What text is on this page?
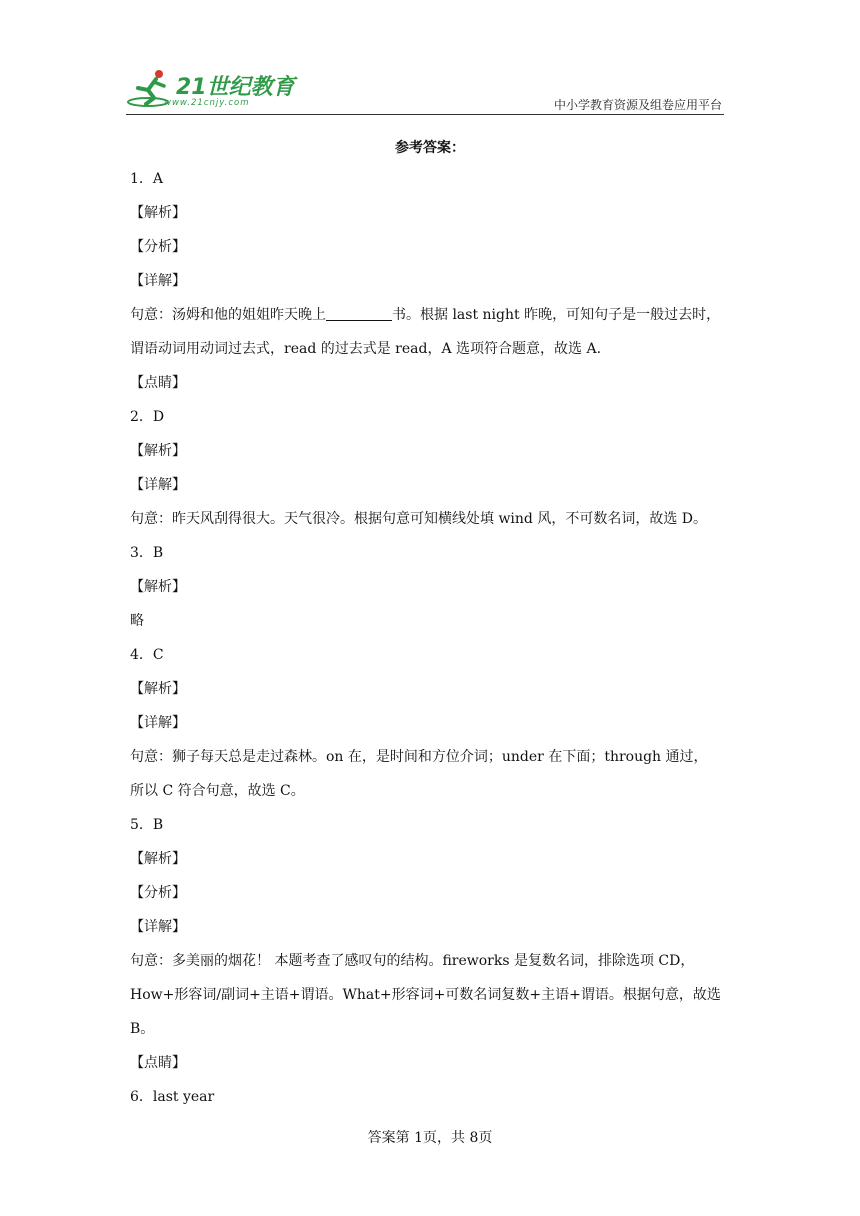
21世纪教育
www.21cnjy.com	中小学教育资源及组卷应用平台
参考答案：
1．A
【解析】
【分析】
【详解】
句意：汤姆和他的姐姐昨天晚上	书。根据 last night 昨晚，可知句子是一般过去时，
谓语动词用动词过去式，read 的过去式是 read，A 选项符合题意，故选 A.
【点睛】
2．D
【解析】
【详解】
句意：昨天风刮得很大。天气很冷。根据句意可知横线处填 wind 风，不可数名词，故选 D。
3．B
【解析】
略
4．C
【解析】
【详解】
句意：狮子每天总是走过森林。on 在，是时间和方位介词；under 在下面；through 通过，
所以 C 符合句意，故选 C。
5．B
【解析】
【分析】
【详解】
句意：多美丽的烟花！ 本题考查了感叹句的结构。fireworks 是复数名词，排除选项 CD，
How+形容词/副词+主语+谓语。What+形容词+可数名词复数+主语+谓语。根据句意，故选
B。
【点睛】
6．last year
答案第 1页，共 8页
